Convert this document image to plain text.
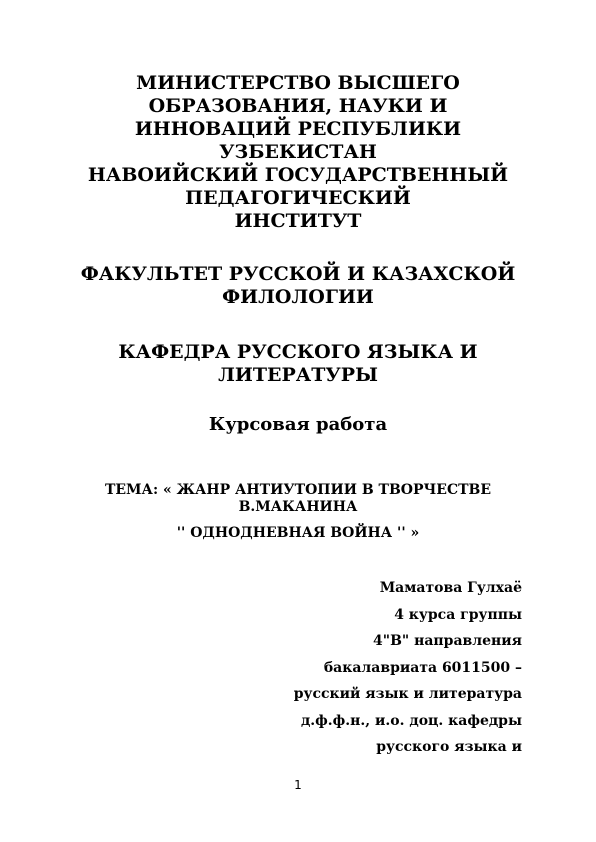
МИНИСТЕРСТВО ВЫСШЕГО
ОБРАЗОВАНИЯ, НАУКИ И
ИННОВАЦИЙ РЕСПУБЛИКИ
УЗБЕКИСТАН
НАВОИЙСКИЙ ГОСУДАРСТВЕННЫЙ
ПЕДАГОГИЧЕСКИЙ
ИНСТИТУТ
ФАКУЛЬТЕТ РУССКОЙ И КАЗАХСКОЙ
ФИЛОЛОГИИ
КАФЕДРА РУССКОГО ЯЗЫКА И
ЛИТЕРАТУРЫ
Курсовая работа
ТЕМА: « ЖАНР АНТИУТОПИИ В ТВОРЧЕСТВЕ
В.МАКАНИНА
'' ОДНОДНЕВНАЯ ВОЙНА '' »
Маматова Гулхаё
4 курса группы
4"В" направления
бакалавриата 6011500 –
русский язык и литература
д.ф.ф.н., и.о. доц. кафедры
русского языка и
1
